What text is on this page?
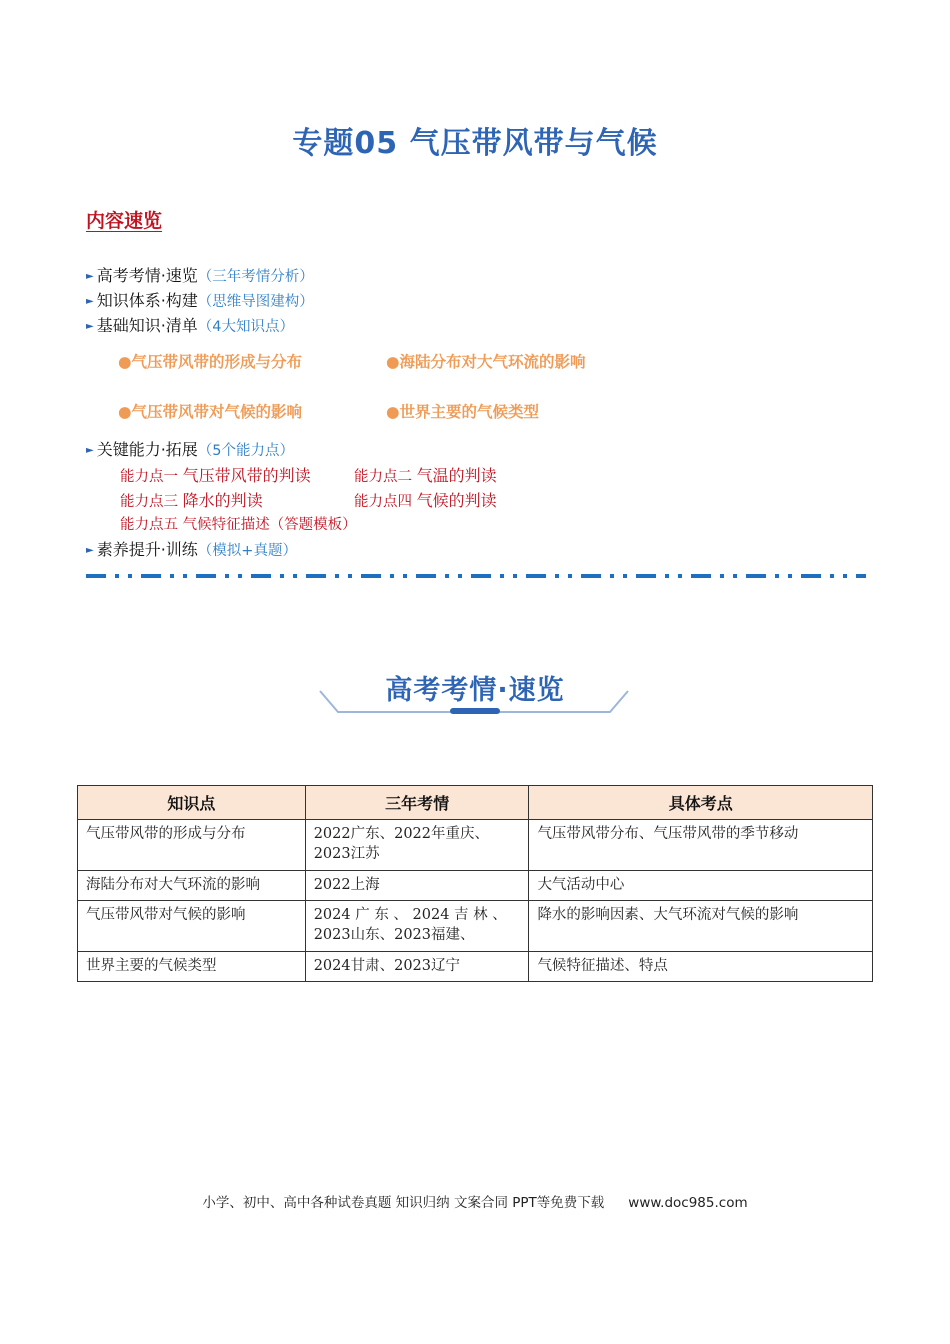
专题05 气压带风带与气候
内容速览
► 高考考情·速览（三年考情分析）
► 知识体系·构建（思维导图建构）
► 基础知识·清单（4大知识点）
●气压带风带的形成与分布	●海陆分布对大气环流的影响
●气压带风带对气候的影响	●世界主要的气候类型
► 关键能力·拓展（5个能力点）
能力点一 气压带风带的判读	能力点二 气温的判读
能力点三 降水的判读	能力点四 气候的判读
能力点五 气候特征描述（答题模板）
► 素养提升·训练（模拟+真题）
高考考情·速览
知识点	三年考情	具体考点
气压带风带的形成与分布	2022广东、2022年重庆、2023江苏	气压带风带分布、气压带风带的季节移动
海陆分布对大气环流的影响	2022上海	大气活动中心
气压带风带对气候的影响	2024 广 东 、 2024 吉 林 、2023山东、2023福建、	降水的影响因素、大气环流对气候的影响
世界主要的气候类型	2024甘肃、2023辽宁	气候特征描述、特点
小学、初中、高中各种试卷真题 知识归纳 文案合同 PPT等免费下载 www.doc985.com
